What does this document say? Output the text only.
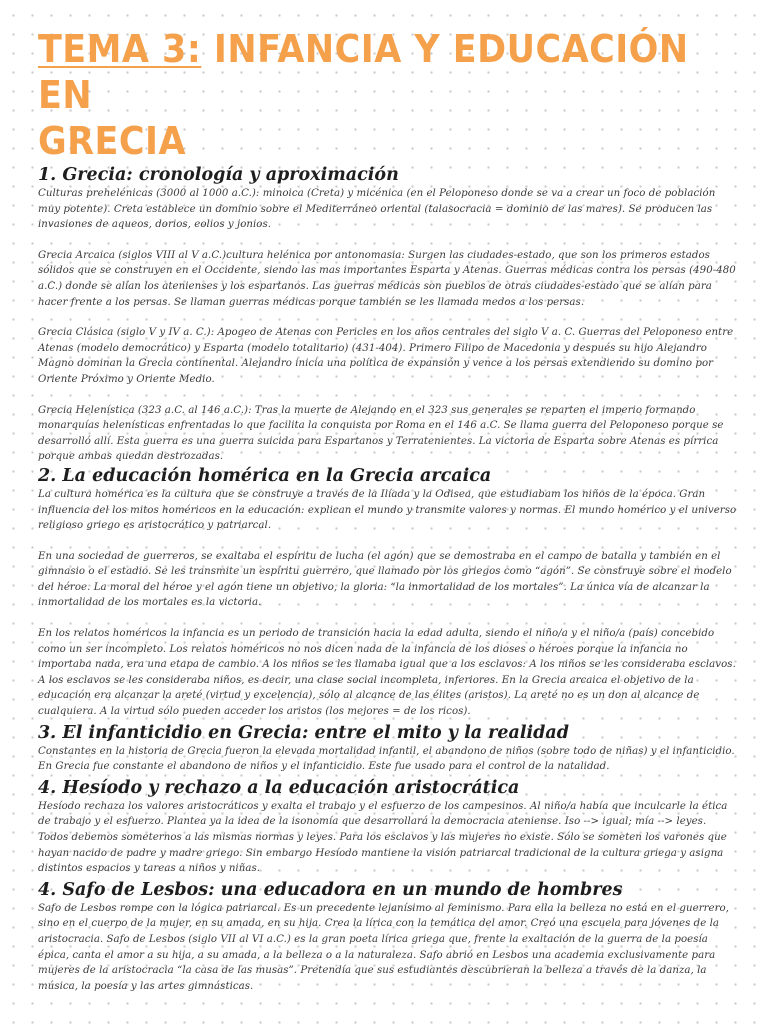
TEMA 3: INFANCIA Y EDUCACIÓN EN
GRECIA
1. Grecia: cronología y aproximación

Culturas prehelénicas (3000 al 1000 a.C.): minoica (Creta) y micénica (en el Peloponeso donde se va a crear un foco de población muy potente). Creta establece un dominio sobre el Mediterráneo oriental (talasocracia = dominio de las mares). Se producen las invasiones de aqueos, dorios, eolios y jonios.

Grecia Arcaica (siglos VIII al V a.C.)cultura helénica por antonomasia: Surgen las ciudades-estado, que son los primeros estados sólidos que se construyen en el Occidente, siendo las mas importantes Esparta y Atenas. Guerras médicas contra los persas (490-480 a.C.) donde se alían los atenienses y los espartanos. Las guerras médicas son pueblos de otras ciudades-estado que se alían para hacer frente a los persas. Se llaman guerras médicas porque también se les llamada medos a los persas.

Grecia Clásica (siglo V y IV a. C.): Apogeo de Atenas con Pericles en los años centrales del siglo V a. C. Guerras del Peloponeso entre Atenas (modelo democrático) y Esparta (modelo totalitario) (431-404). Primero Filipo de Macedonia y después su hijo Alejandro Magno dominan la Grecia continental. Alejandro inicia una política de expansión y vence a los persas extendiendo su domino por Oriente Próximo y Oriente Medio.

Grecia Helenística (323 a.C. al 146 a.C.): Tras la muerte de Alejando en el 323 sus generales se reparten el imperio formando monarquías helenísticas enfrentadas lo que facilita la conquista por Roma en el 146 a.C. Se llama guerra del Peloponeso porque se desarrolló allí. Esta guerra es una guerra suicida para Espartanos y Terratenientes. La victoria de Esparta sobre Atenas es pírrica porque ambas quedan destrozadas.

2. La educación homérica en la Grecia arcaica

La cultura homérica es la cultura que se construye a través de la Ilíada y la Odisea, que estudiabam los niños de la época. Gran influencia del los mitos homéricos en la educación: explican el mundo y transmite valores y normas. El mundo homérico y el universo religioso griego es aristocrático y patriarcal.

En una sociedad de guerreros, se exaltaba el espíritu de lucha (el agón) que se demostraba en el campo de batalla y también en el gimnasio o el estadio. Se les transmite un espíritu guerrero, que llamado por los griegos como “agón”. Se construye sobre el modelo del héroe. La moral del héroe y el agón tiene un objetivo, la gloria: “la inmortalidad de los mortales”. La única vía de alcanzar la inmortalidad de los mortales es la victoria.

En los relatos homéricos la infancia es un periodo de transición hacia la edad adulta, siendo el niño/a y el niño/a (país) concebido como un ser incompleto. Los relatos homéricos no nos dicen nada de la infancia de los dioses o héroes porque la infancia no importaba nada, era una etapa de cambio. A los niños se les llamaba igual que a los esclavos: A los niños se les consideraba esclavos. A los esclavos se les consideraba niños, es decir, una clase social incompleta, inferiores. En la Grecia arcaica el objetivo de la educación era alcanzar la areté (virtud y excelencia), sólo al alcance de las élites (aristos). La areté no es un don al alcance de cualquiera. A la virtud sólo pueden acceder los aristos (los mejores = de los ricos).

3. El infanticidio en Grecia: entre el mito y la realidad

Constantes en la historia de Grecia fueron la elevada mortalidad infantil, el abandono de niños (sobre todo de niñas) y el infanticidio. En Grecia fue constante el abandono de niños y el infanticidio. Este fue usado para el control de la natalidad.

4. Hesíodo y rechazo a la educación aristocrática

Hesíodo rechaza los valores aristocráticos y exalta el trabajo y el esfuerzo de los campesinos. Al niño/a había que inculcarle la ética de trabajo y el esfuerzo. Plantea ya la idea de la isonomía que desarrollará la democracia ateniense. Iso --> igual; mía --> leyes. Todos debemos someternos a las mismas normas y leyes. Para los esclavos y las mujeres no existe. Sólo se someten los varones que hayan nacido de padre y madre griego. Sin embargo Hesíodo mantiene la visión patriarcal tradicional de la cultura griega y asigna distintos espacios y tareas a niños y niñas.

4. Safo de Lesbos: una educadora en un mundo de hombres

Safo de Lesbos rompe con la lógica patriarcal. Es un precedente lejanísimo al feminismo. Para ella la belleza no está en el guerrero, sino en el cuerpo de la mujer, en su amada, en su hija. Crea la lírica con la temática del amor. Creó una escuela para jóvenes de la aristocracia. Safo de Lesbos (siglo VII al VI a.C.) es la gran poeta lírica griega que, frente la exaltación de la guerra de la poesía épica, canta el amor a su hija, a su amada, a la belleza o a la naturaleza. Safo abrió en Lesbos una academia exclusivamente para mujeres de la aristocracia “la casa de las musas”. Pretendía que sus estudiantes descubrieran la belleza a través de la danza, la música, la poesía y las artes gimnásticas.
